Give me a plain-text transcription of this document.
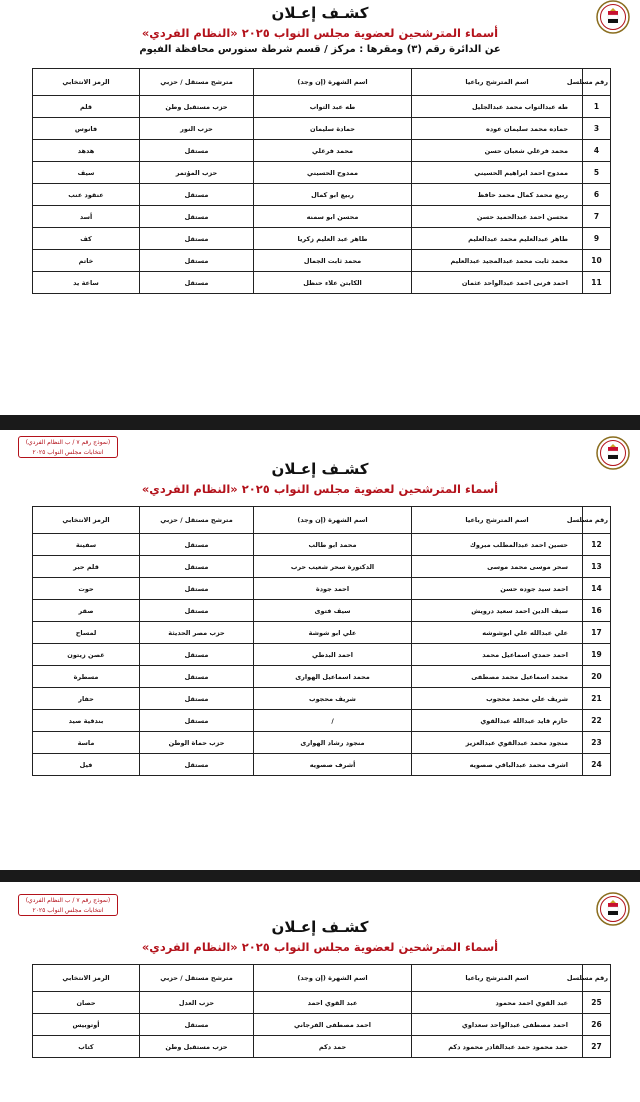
كشـف إعـلان
أسماء المترشحين لعضوية مجلس النواب ٢٠٢٥ «النظام الفردي»
عن الدائرة رقم (٣) ومقرها : مركز / قسم شرطة سنورس محافظة الفيوم
رقم مسلسل	اسم المترشح رباعيا	اسم الشهرة (إن وجد)	مترشح مستقل / حزبي	الرمز الانتخابي
1	طه عبدالتواب محمد عبدالجليل	طه عبد التواب	حزب مستقبل وطن	قلم
3	حماده محمد سليمان عوده	حمادة سليمان	حزب النور	فانوس
4	محمد فرغلي شعبان حسن	محمد فرغلي	مستقل	هدهد
5	ممدوح احمد ابراهيم الحسيني	ممدوح الحسيني	حزب المؤتمر	سيف
6	ربيع محمد كمال محمد حافظ	ربيع ابو كمال	مستقل	عنقود عنب
7	محسن احمد عبدالحميد حسن	محسن ابو سمنه	مستقل	أسد
9	طاهر عبدالعليم محمد عبدالعليم	طاهر عبد العليم زكريا	مستقل	كف
10	محمد ثابت محمد عبدالمجيد عبدالعليم	محمد ثابت الجمال	مستقل	خاتم
11	احمد فرنى احمد عبدالواحد عثمان	الكابتن علاء حنظل	مستقل	ساعة يد
(نموذج رقم ٧ / ب النظام الفردي) انتخابات مجلس النواب ٢٠٢٥
كشـف إعـلان
أسماء المترشحين لعضوية مجلس النواب ٢٠٢٥ «النظام الفردي»
رقم مسلسل	اسم المترشح رباعيا	اسم الشهرة (إن وجد)	مترشح مستقل / حزبي	الرمز الانتخابي
12	حسين احمد عبدالمطلب مبروك	محمد ابو طالب	مستقل	سفينة
13	سحر موسى محمد موسى	الدكتورة سحر شعيب حرب	مستقل	قلم حبر
14	احمد سيد جوده حسن	احمد جودة	مستقل	حوت
16	سيف الدين احمد سعيد درويش	سيف فتوى	مستقل	صقر
17	علي عبدالله علي ابوشوشه	علي ابو شوشة	حزب مصر الحديثة	لمساح
19	احمد حمدي اسماعيل محمد	احمد البدطي	مستقل	غصن زيتون
20	محمد اسماعيل محمد مصطفى	محمد اسماعيل الهوارى	مستقل	مسطرة
21	شريف علي محمد محجوب	شريف محجوب	مستقل	حفار
22	حازم قايد عبدالله عبدالقوي	/	مستقل	بندقية صيد
23	منجود محمد عبدالقوي عبدالعزيز	منجود رشاد الهوارى	حزب حماة الوطن	ماسة
24	اشرف محمد عبدالباقي صصويه	أشرف صصويه	مستقل	فيل
(نموذج رقم ٧ / ب النظام الفردي) انتخابات مجلس النواب ٢٠٢٥
كشـف إعـلان
أسماء المترشحين لعضوية مجلس النواب ٢٠٢٥ «النظام الفردي»
رقم مسلسل	اسم المترشح رباعيا	اسم الشهرة (إن وجد)	مترشح مستقل / حزبي	الرمز الانتخابي
25	عبد القوي احمد محمود	عبد القوي احمد	حزب العدل	حصان
26	احمد مصطفى عبدالواحد سعداوي	احمد مصطفى الفرجاني	مستقل	أوتوبيس
27	حمد محمود حمد عبدالقادر محمود دكم	حمد دكم	حزب مستقبل وطن	كتاب
